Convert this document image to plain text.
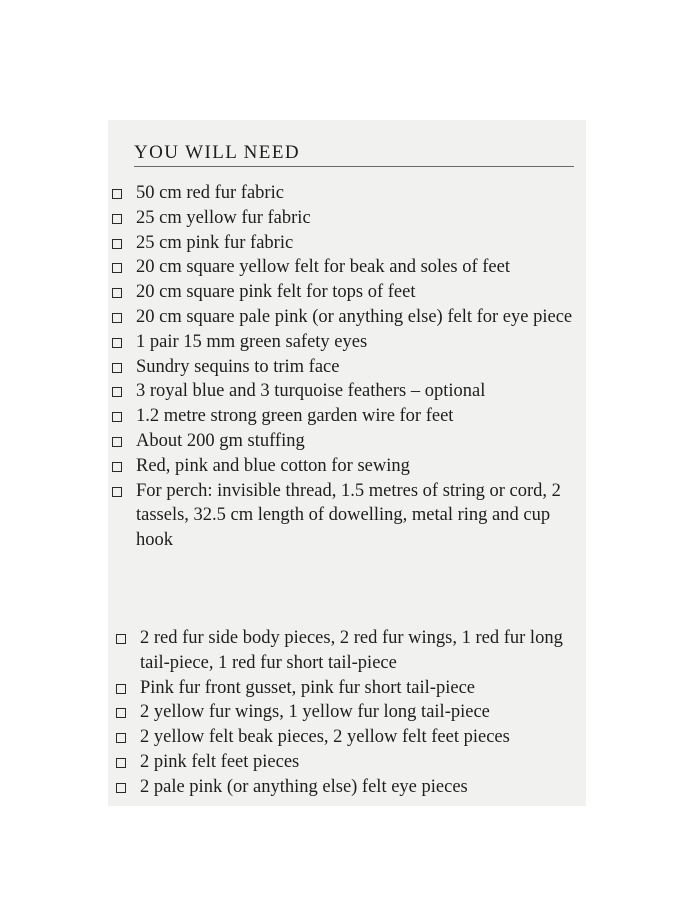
YOU WILL NEED
50 cm red fur fabric
25 cm yellow fur fabric
25 cm pink fur fabric
20 cm square yellow felt for beak and soles of feet
20 cm square pink felt for tops of feet
20 cm square pale pink (or anything else) felt for eye piece
1 pair 15 mm green safety eyes
Sundry sequins to trim face
3 royal blue and 3 turquoise feathers – optional
1.2 metre strong green garden wire for feet
About 200 gm stuffing
Red, pink and blue cotton for sewing
For perch: invisible thread, 1.5 metres of string or cord, 2 tassels, 32.5 cm length of dowelling, metal ring and cup hook
2 red fur side body pieces, 2 red fur wings, 1 red fur long tail-piece, 1 red fur short tail-piece
Pink fur front gusset, pink fur short tail-piece
2 yellow fur wings, 1 yellow fur long tail-piece
2 yellow felt beak pieces, 2 yellow felt feet pieces
2 pink felt feet pieces
2 pale pink (or anything else) felt eye pieces
